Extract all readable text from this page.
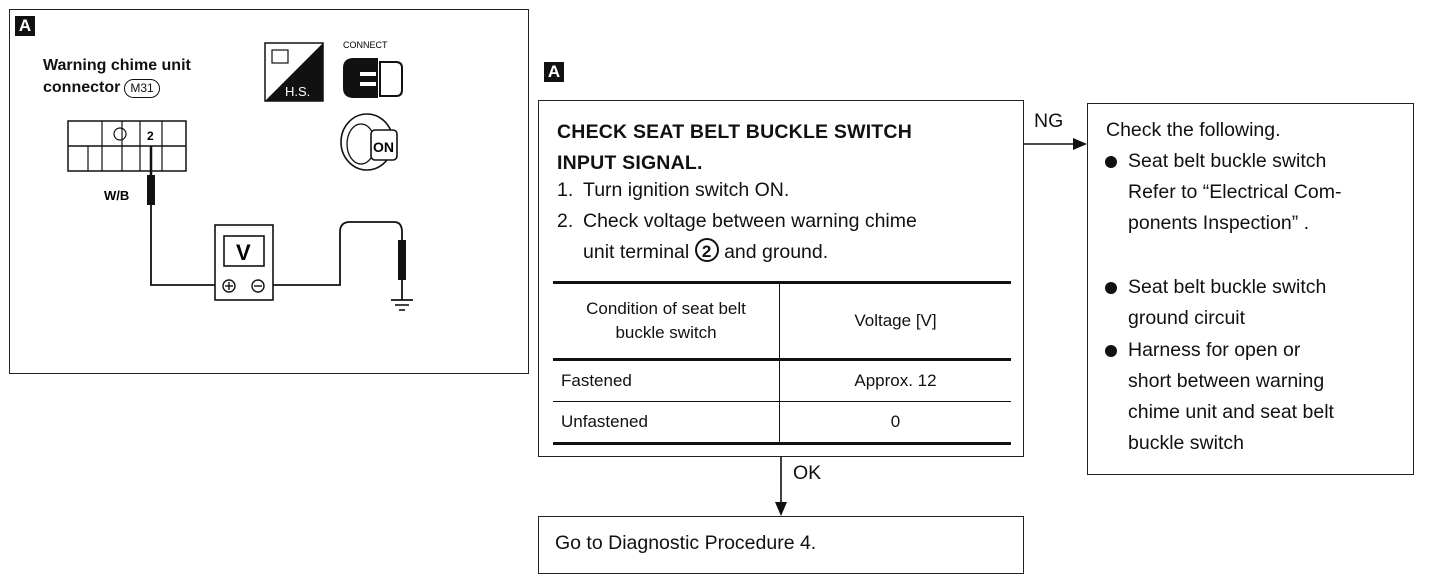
A
Warning chime unit
connector M31
2
W/B
V
H.S.
CONNECT
ON
A
CHECK SEAT BELT BUCKLE SWITCH
INPUT SIGNAL.
1. Turn ignition switch ON.
2. Check voltage between warning chime
unit terminal 2 and ground.
Condition of seat belt buckle switch	Voltage [V]
Fastened	Approx. 12
Unfastened	0
NG
OK
Check the following.
Seat belt buckle switch
Refer to “Electrical Com-
ponents Inspection” .
Seat belt buckle switch
ground circuit
Harness for open or
short between warning
chime unit and seat belt
buckle switch
Go to Diagnostic Procedure 4.
